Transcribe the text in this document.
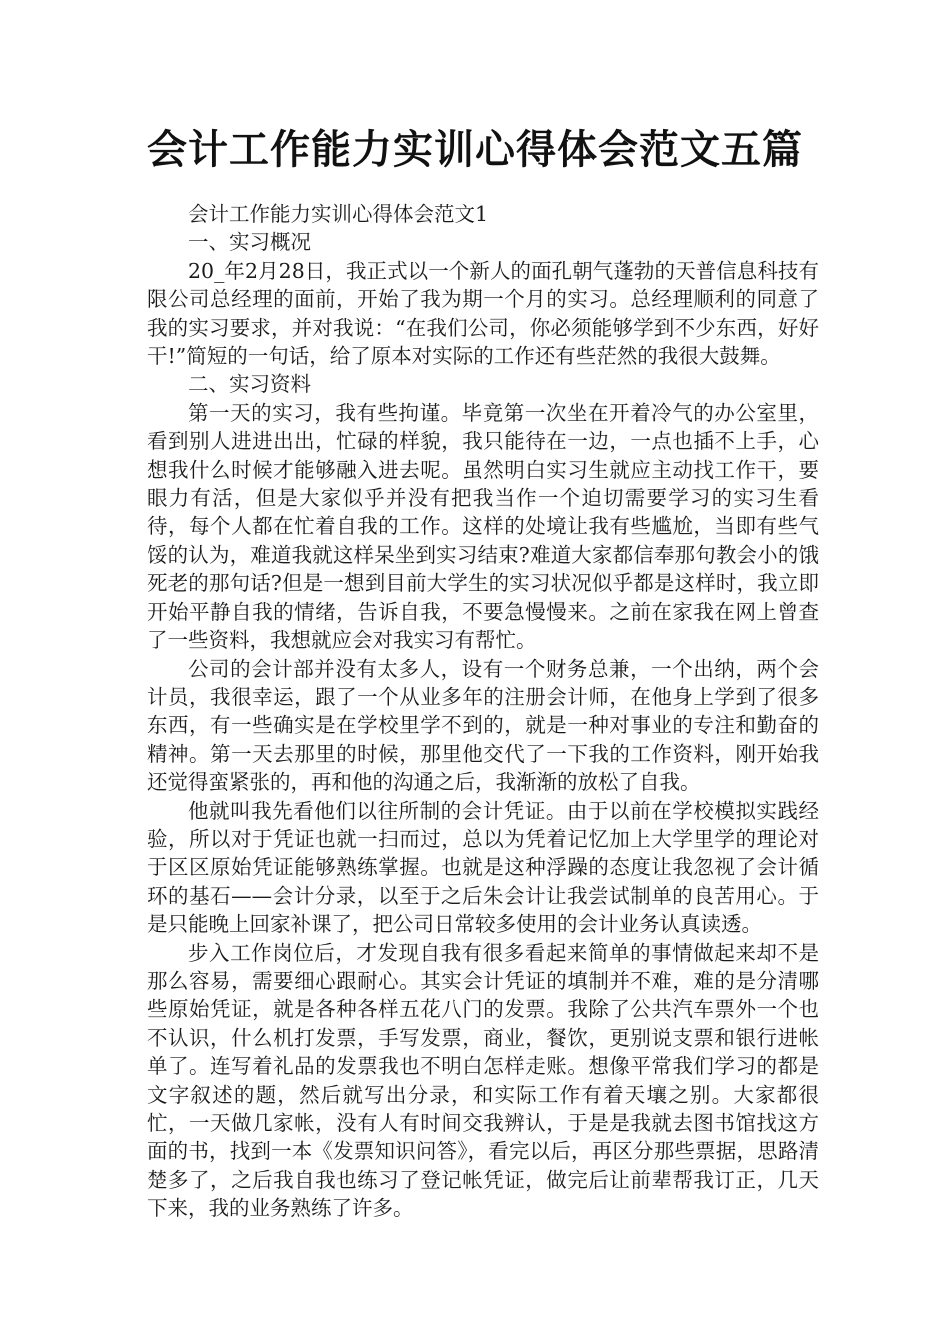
会计工作能力实训心得体会范文五篇

会计工作能力实训心得体会范文1

一、实习概况

20_年2月28日，我正式以一个新人的面孔朝气蓬勃的天普信息科技有限公司总经理的面前，开始了我为期一个月的实习。总经理顺利的同意了我的实习要求，并对我说：“在我们公司，你必须能够学到不少东西，好好干!”简短的一句话，给了原本对实际的工作还有些茫然的我很大鼓舞。

二、实习资料

第一天的实习，我有些拘谨。毕竟第一次坐在开着冷气的办公室里，看到别人进进出出，忙碌的样貌，我只能待在一边，一点也插不上手，心想我什么时候才能够融入进去呢。虽然明白实习生就应主动找工作干，要眼力有活，但是大家似乎并没有把我当作一个迫切需要学习的实习生看待，每个人都在忙着自我的工作。这样的处境让我有些尴尬，当即有些气馁的认为，难道我就这样呆坐到实习结束?难道大家都信奉那句教会小的饿死老的那句话?但是一想到目前大学生的实习状况似乎都是这样时，我立即开始平静自我的情绪，告诉自我，不要急慢慢来。之前在家我在网上曾查了一些资料，我想就应会对我实习有帮忙。

公司的会计部并没有太多人，设有一个财务总兼，一个出纳，两个会计员，我很幸运，跟了一个从业多年的注册会计师，在他身上学到了很多东西，有一些确实是在学校里学不到的，就是一种对事业的专注和勤奋的精神。第一天去那里的时候，那里他交代了一下我的工作资料，刚开始我还觉得蛮紧张的，再和他的沟通之后，我渐渐的放松了自我。

他就叫我先看他们以往所制的会计凭证。由于以前在学校模拟实践经验，所以对于凭证也就一扫而过，总以为凭着记忆加上大学里学的理论对于区区原始凭证能够熟练掌握。也就是这种浮躁的态度让我忽视了会计循环的基石——会计分录，以至于之后朱会计让我尝试制单的良苦用心。于是只能晚上回家补课了，把公司日常较多使用的会计业务认真读透。

步入工作岗位后，才发现自我有很多看起来简单的事情做起来却不是那么容易，需要细心跟耐心。其实会计凭证的填制并不难，难的是分清哪些原始凭证，就是各种各样五花八门的发票。我除了公共汽车票外一个也不认识，什么机打发票，手写发票，商业，餐饮，更别说支票和银行进帐单了。连写着礼品的发票我也不明白怎样走账。想像平常我们学习的都是文字叙述的题，然后就写出分录，和实际工作有着天壤之别。大家都很忙，一天做几家帐，没有人有时间交我辨认，于是是我就去图书馆找这方面的书，找到一本《发票知识问答》，看完以后，再区分那些票据，思路清楚多了，之后我自我也练习了登记帐凭证，做完后让前辈帮我订正，几天下来，我的业务熟练了许多。
